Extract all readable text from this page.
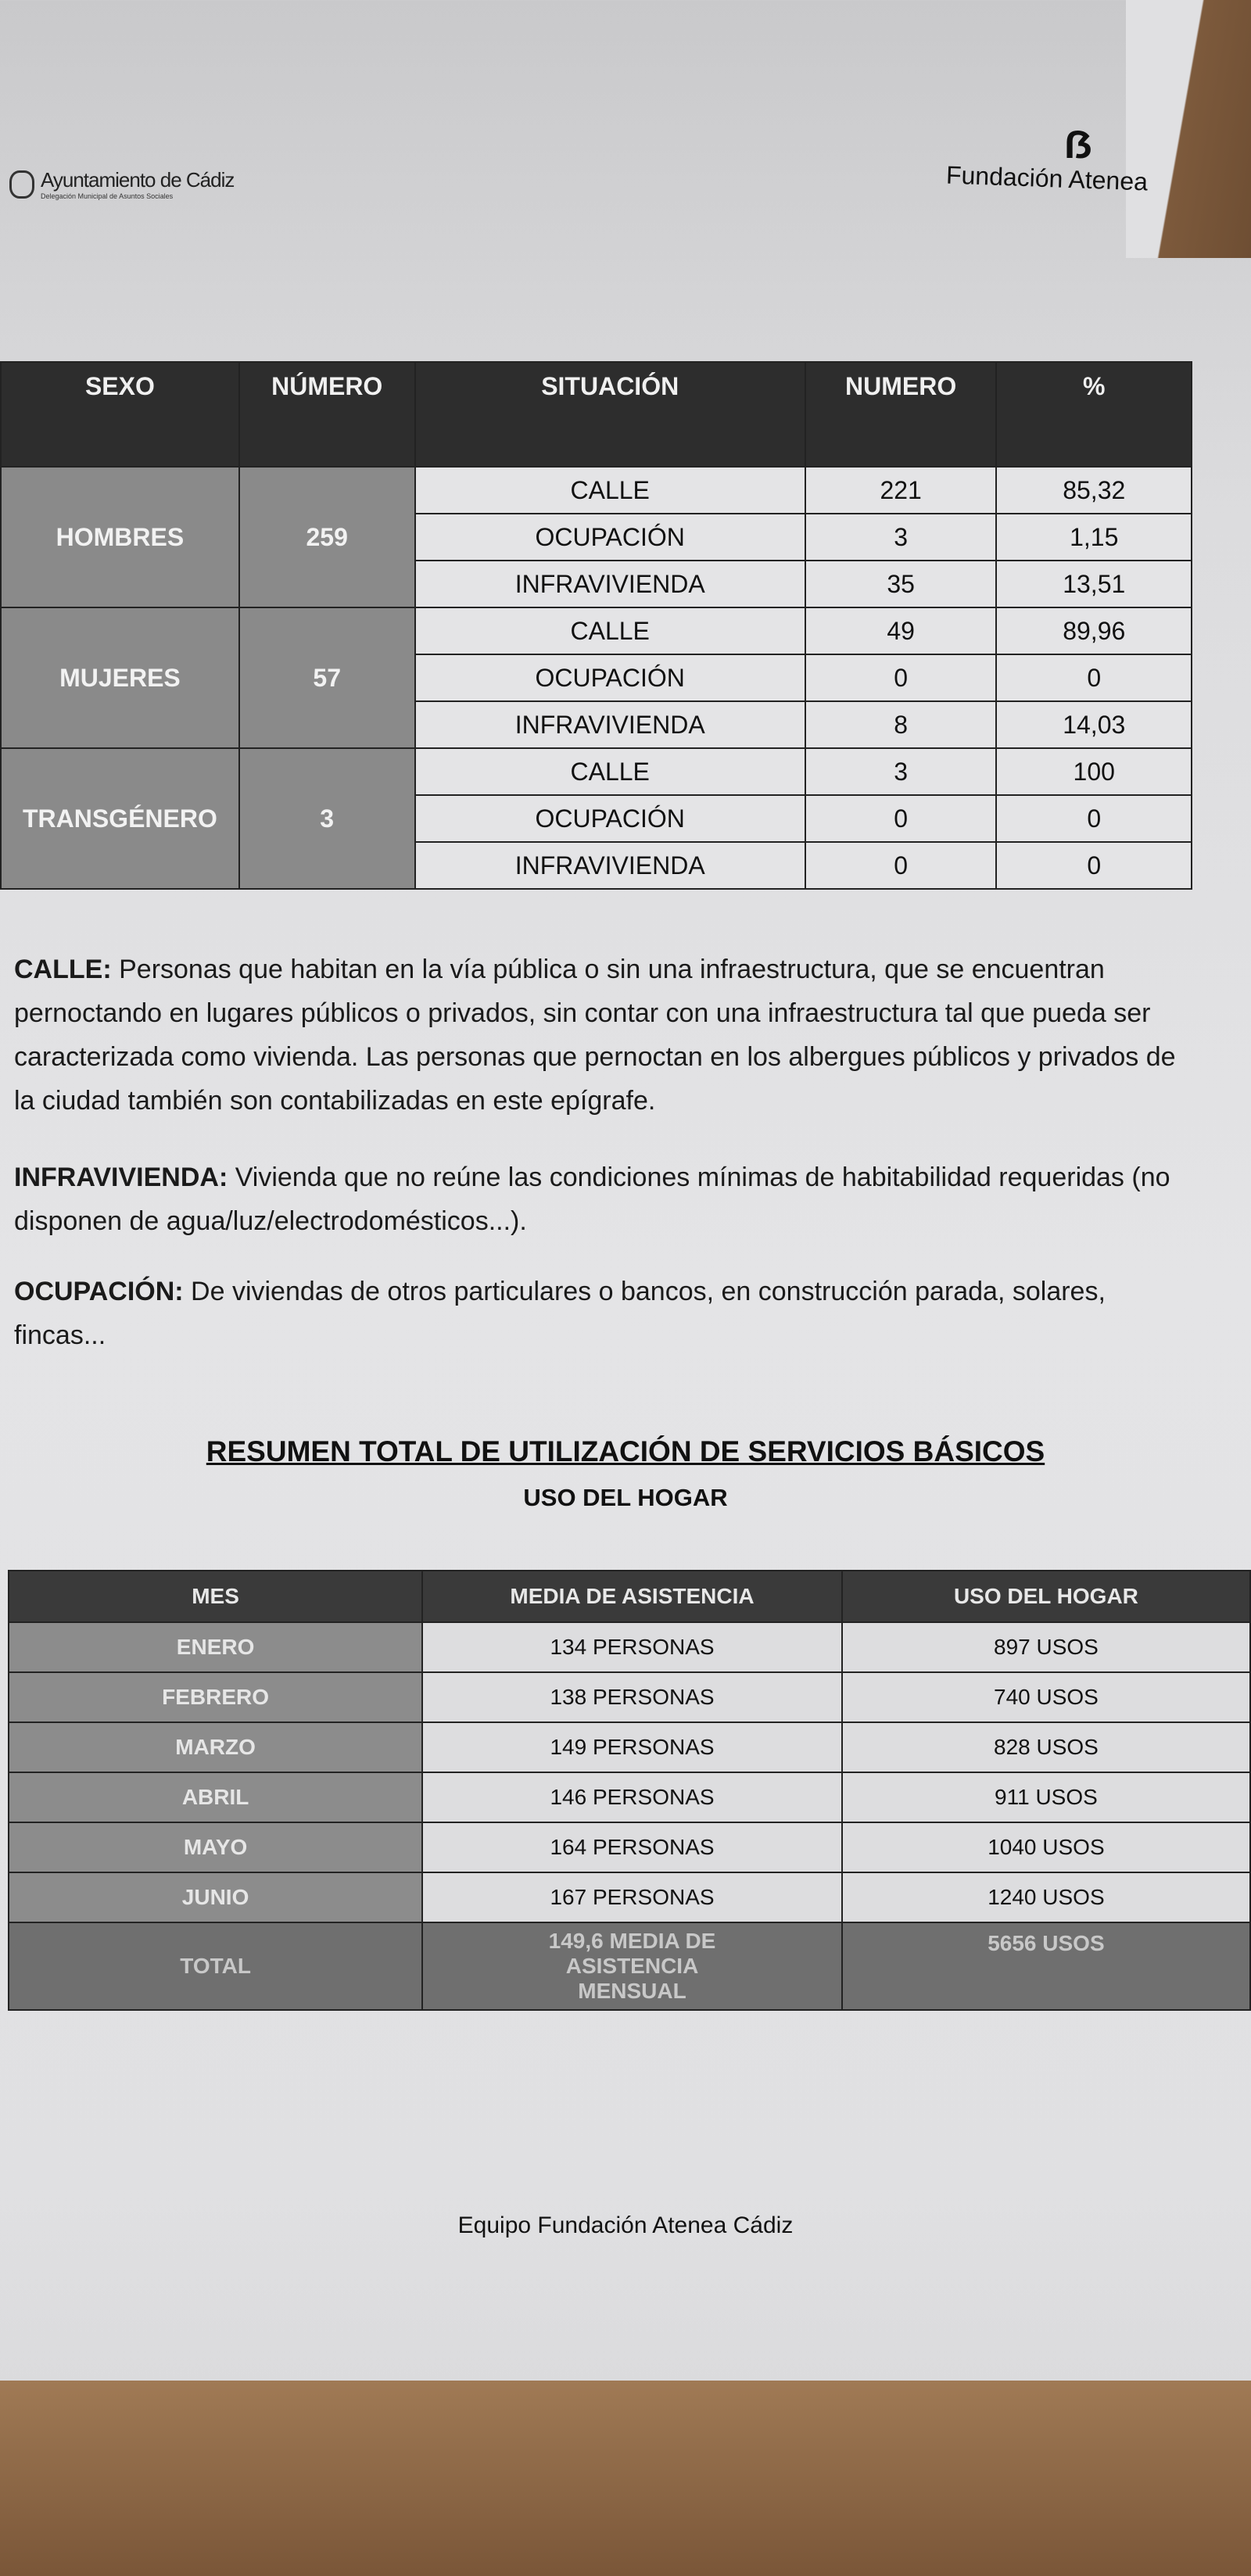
Ayuntamiento de Cádiz
Delegación Municipal de Asuntos Sociales
ẞ
Fundación Atenea
SEXO	NÚMERO	SITUACIÓN	NUMERO	%
HOMBRES	259	CALLE	221	85,32
		OCUPACIÓN	3	1,15
		INFRAVIVIENDA	35	13,51
MUJERES	57	CALLE	49	89,96
		OCUPACIÓN	0	0
		INFRAVIVIENDA	8	14,03
TRANSGÉNERO	3	CALLE	3	100
		OCUPACIÓN	0	0
		INFRAVIVIENDA	0	0
CALLE: Personas que habitan en la vía pública o sin una infraestructura, que se encuentran pernoctando en lugares públicos o privados, sin contar con una infraestructura tal que pueda ser caracterizada como vivienda. Las personas que pernoctan en los albergues públicos y privados de la ciudad también son contabilizadas en este epígrafe.
INFRAVIVIENDA: Vivienda que no reúne las condiciones mínimas de habitabilidad requeridas (no disponen de agua/luz/electrodomésticos...).
OCUPACIÓN: De viviendas de otros particulares o bancos, en construcción parada, solares, fincas...
RESUMEN TOTAL DE UTILIZACIÓN DE SERVICIOS BÁSICOS
USO DEL HOGAR
MES	MEDIA DE ASISTENCIA	USO DEL HOGAR
ENERO	134 PERSONAS	897 USOS
FEBRERO	138 PERSONAS	740 USOS
MARZO	149 PERSONAS	828 USOS
ABRIL	146 PERSONAS	911 USOS
MAYO	164 PERSONAS	1040 USOS
JUNIO	167 PERSONAS	1240 USOS
TOTAL	149,6 MEDIA DE ASISTENCIA MENSUAL	5656 USOS
Equipo Fundación Atenea Cádiz
